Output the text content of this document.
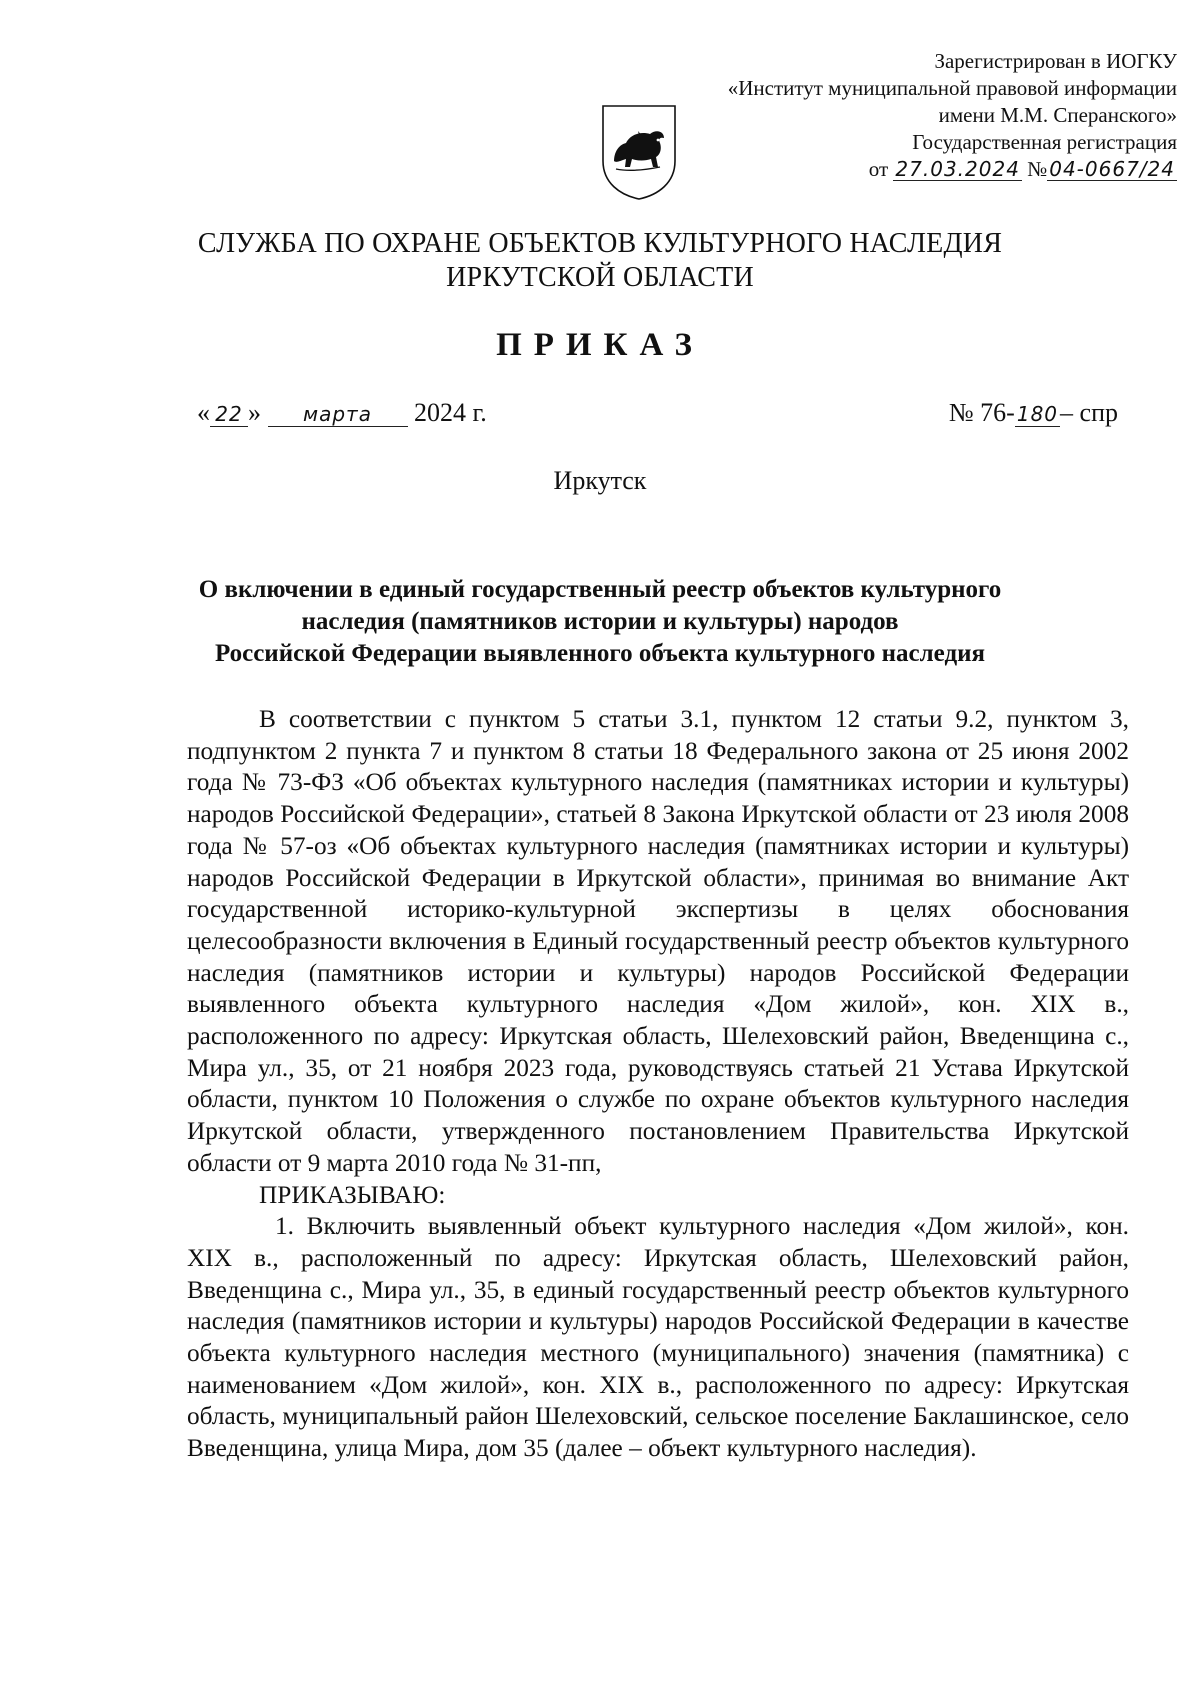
Зарегистрирован в ИОГКУ
«Институт муниципальной правовой информации
имени М.М. Сперанского»
Государственная регистрация
от 27.03.2024 № 04-0667/24
СЛУЖБА ПО ОХРАНЕ ОБЪЕКТОВ КУЛЬТУРНОГО НАСЛЕДИЯ
ИРКУТСКОЙ ОБЛАСТИ
ПРИКАЗ
« 22 » марта 2024 г.	№ 76- 180– спр
Иркутск
О включении в единый государственный реестр объектов культурного
наследия (памятников истории и культуры) народов
Российской Федерации выявленного объекта культурного наследия

В соответствии с пунктом 5 статьи 3.1, пунктом 12 статьи 9.2, пунктом 3, подпунктом 2 пункта 7 и пунктом 8 статьи 18 Федерального закона от 25 июня 2002 года № 73-ФЗ «Об объектах культурного наследия (памятниках истории и культуры) народов Российской Федерации», статьей 8 Закона Иркутской области от 23 июля 2008 года № 57-оз «Об объектах культурного наследия (памятниках истории и культуры) народов Российской Федерации в Иркутской области», принимая во внимание Акт государственной историко-культурной экспертизы в целях обоснования целесообразности включения в Единый государственный реестр объектов культурного наследия (памятников истории и культуры) народов Российской Федерации выявленного объекта культурного наследия «Дом жилой», кон. XIX в., расположенного по адресу: Иркутская область, Шелеховский район, Введенщина с., Мира ул., 35, от 21 ноября 2023 года, руководствуясь статьей 21 Устава Иркутской области, пунктом 10 Положения о службе по охране объектов культурного наследия Иркутской области, утвержденного постановлением Правительства Иркутской области от 9 марта 2010 года № 31-пп,

ПРИКАЗЫВАЮ:

1. Включить выявленный объект культурного наследия «Дом жилой», кон. XIX в., расположенный по адресу: Иркутская область, Шелеховский район, Введенщина с., Мира ул., 35, в единый государственный реестр объектов культурного наследия (памятников истории и культуры) народов Российской Федерации в качестве объекта культурного наследия местного (муниципального) значения (памятника) с наименованием «Дом жилой», кон. XIX в., расположенного по адресу: Иркутская область, муниципальный район Шелеховский, сельское поселение Баклашинское, село Введенщина, улица Мира, дом 35 (далее – объект культурного наследия).
